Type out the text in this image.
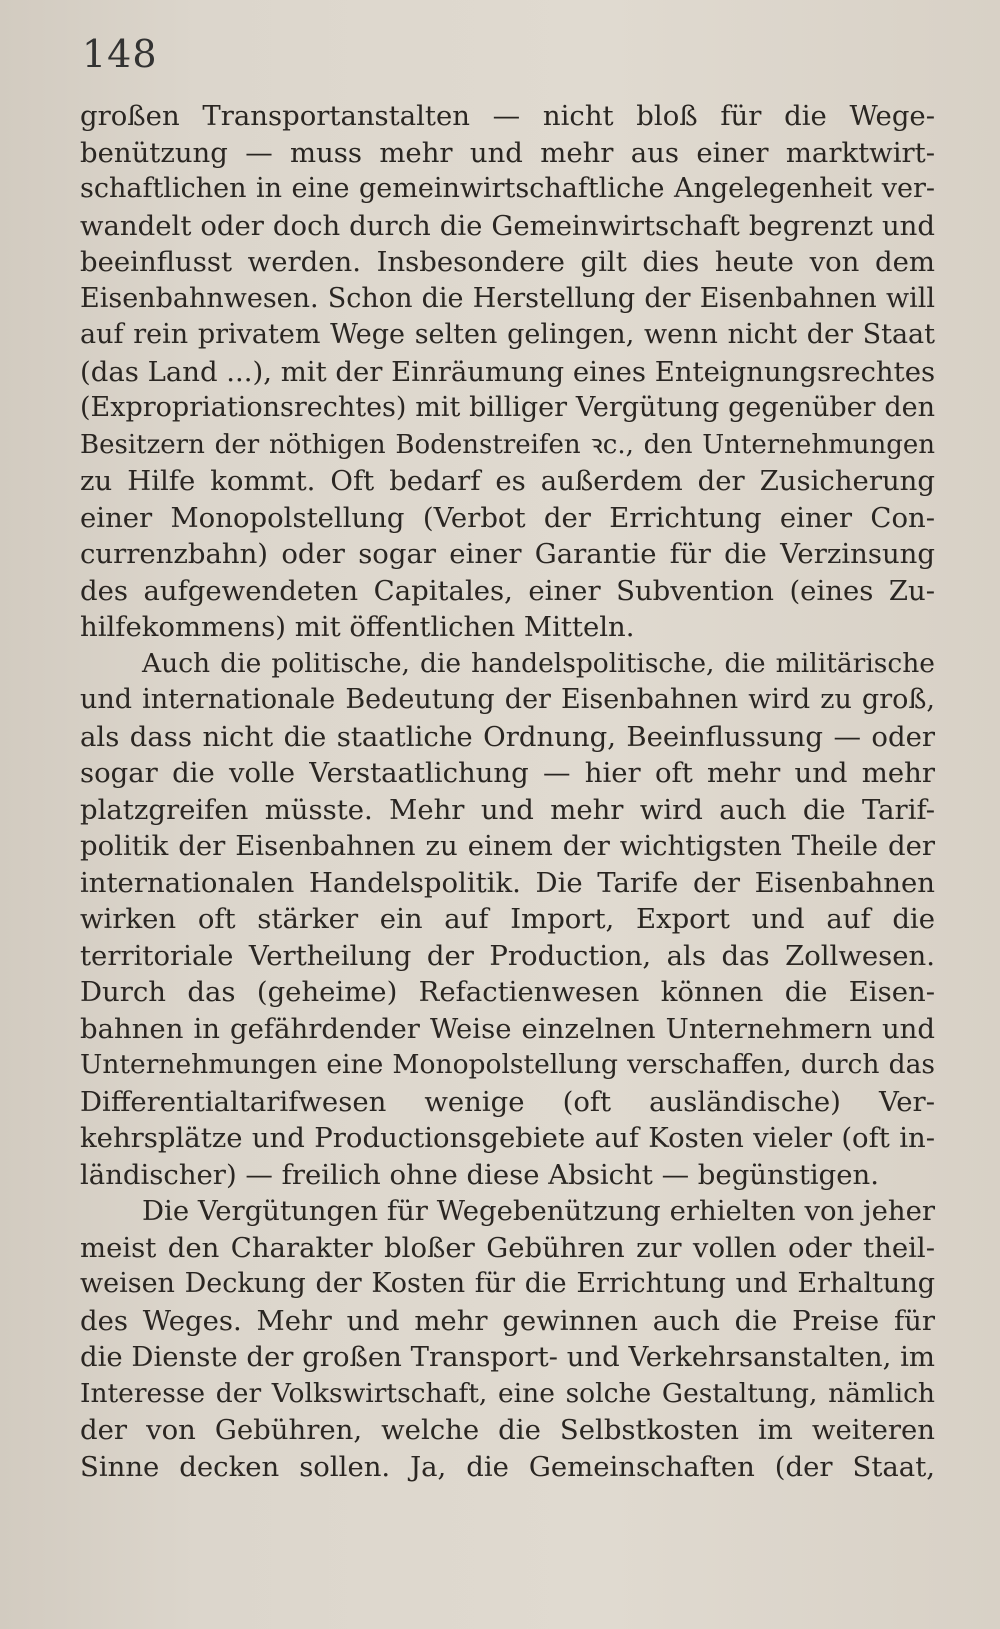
148
großen Transportanstalten — nicht bloß für die Wege-
benützung — muss mehr und mehr aus einer marktwirt-
schaftlichen in eine gemeinwirtschaftliche Angelegenheit ver-
wandelt oder doch durch die Gemeinwirtschaft begrenzt und
beeinflusst werden. Insbesondere gilt dies heute von dem
Eisenbahnwesen. Schon die Herstellung der Eisenbahnen will
auf rein privatem Wege selten gelingen, wenn nicht der Staat
(das Land ...), mit der Einräumung eines Enteignungsrechtes
(Expropriationsrechtes) mit billiger Vergütung gegenüber den
Besitzern der nöthigen Bodenstreifen ꝛc., den Unternehmungen
zu Hilfe kommt. Oft bedarf es außerdem der Zusicherung
einer Monopolstellung (Verbot der Errichtung einer Con-
currenzbahn) oder sogar einer Garantie für die Verzinsung
des aufgewendeten Capitales, einer Subvention (eines Zu-
hilfekommens) mit öffentlichen Mitteln.
Auch die politische, die handelspolitische, die militärische
und internationale Bedeutung der Eisenbahnen wird zu groß,
als dass nicht die staatliche Ordnung, Beeinflussung — oder
sogar die volle Verstaatlichung — hier oft mehr und mehr
platzgreifen müsste. Mehr und mehr wird auch die Tarif-
politik der Eisenbahnen zu einem der wichtigsten Theile der
internationalen Handelspolitik. Die Tarife der Eisenbahnen
wirken oft stärker ein auf Import, Export und auf die
territoriale Vertheilung der Production, als das Zollwesen.
Durch das (geheime) Refactienwesen können die Eisen-
bahnen in gefährdender Weise einzelnen Unternehmern und
Unternehmungen eine Monopolstellung verschaffen, durch das
Differentialtarifwesen wenige (oft ausländische) Ver-
kehrsplätze und Productionsgebiete auf Kosten vieler (oft in-
ländischer) — freilich ohne diese Absicht — begünstigen.
Die Vergütungen für Wegebenützung erhielten von jeher
meist den Charakter bloßer Gebühren zur vollen oder theil-
weisen Deckung der Kosten für die Errichtung und Erhaltung
des Weges. Mehr und mehr gewinnen auch die Preise für
die Dienste der großen Transport- und Verkehrsanstalten, im
Interesse der Volkswirtschaft, eine solche Gestaltung, nämlich
der von Gebühren, welche die Selbstkosten im weiteren
Sinne decken sollen. Ja, die Gemeinschaften (der Staat,
